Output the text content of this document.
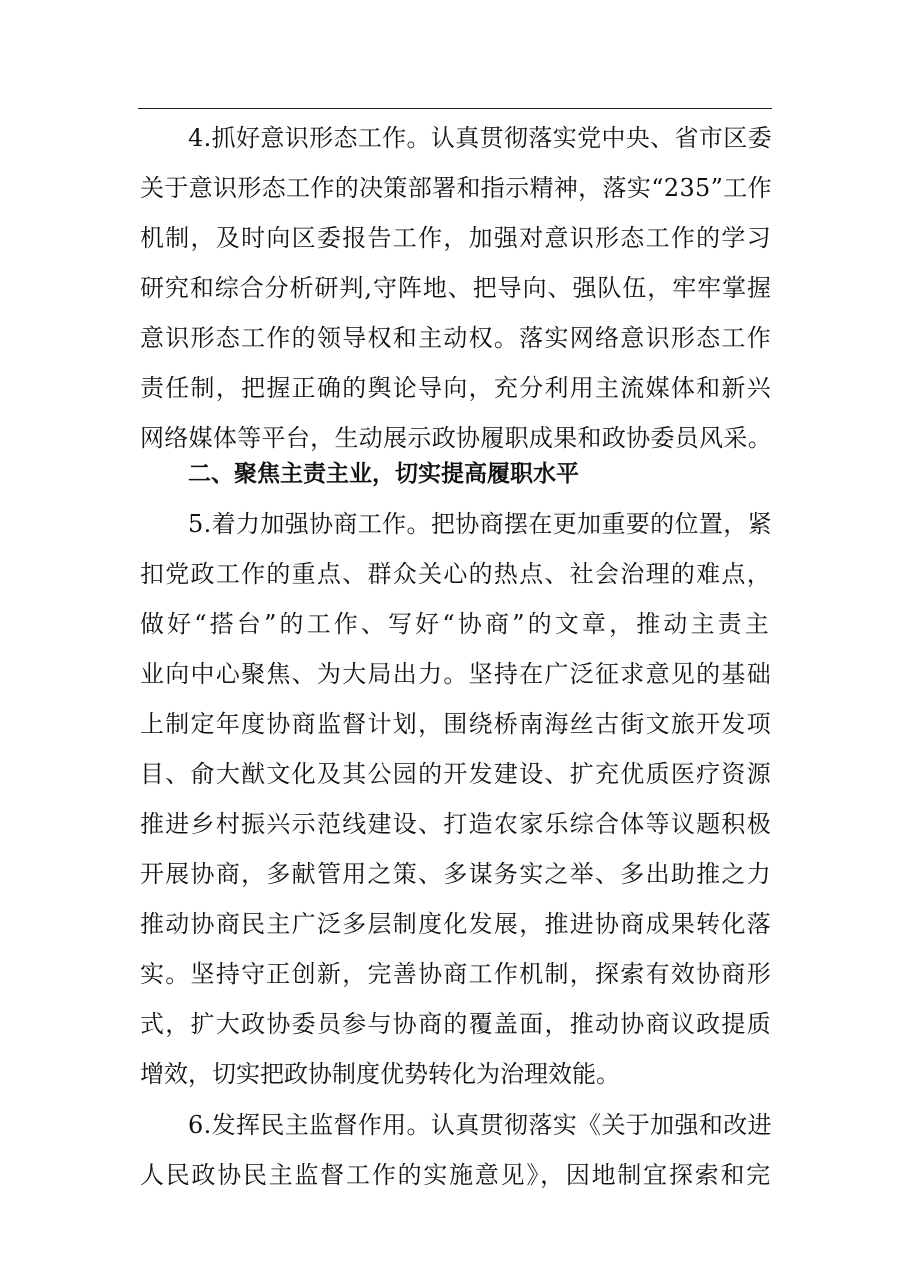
4.抓好意识形态工作。认真贯彻落实党中央、省市区委
关于意识形态工作的决策部署和指示精神，落实“235”工作
机制，及时向区委报告工作，加强对意识形态工作的学习
研究和综合分析研判,守阵地、把导向、强队伍，牢牢掌握
意识形态工作的领导权和主动权。落实网络意识形态工作
责任制，把握正确的舆论导向，充分利用主流媒体和新兴
网络媒体等平台，生动展示政协履职成果和政协委员风采。
二、聚焦主责主业，切实提高履职水平
5.着力加强协商工作。把协商摆在更加重要的位置，紧
扣党政工作的重点、群众关心的热点、社会治理的难点，
做好“搭台”的工作、写好“协商”的文章，推动主责主
业向中心聚焦、为大局出力。坚持在广泛征求意见的基础
上制定年度协商监督计划，围绕桥南海丝古街文旅开发项
目、俞大猷文化及其公园的开发建设、扩充优质医疗资源
推进乡村振兴示范线建设、打造农家乐综合体等议题积极
开展协商，多献管用之策、多谋务实之举、多出助推之力
推动协商民主广泛多层制度化发展，推进协商成果转化落
实。坚持守正创新，完善协商工作机制，探索有效协商形
式，扩大政协委员参与协商的覆盖面，推动协商议政提质
增效，切实把政协制度优势转化为治理效能。
6.发挥民主监督作用。认真贯彻落实《关于加强和改进
人民政协民主监督工作的实施意见》，因地制宜探索和完
